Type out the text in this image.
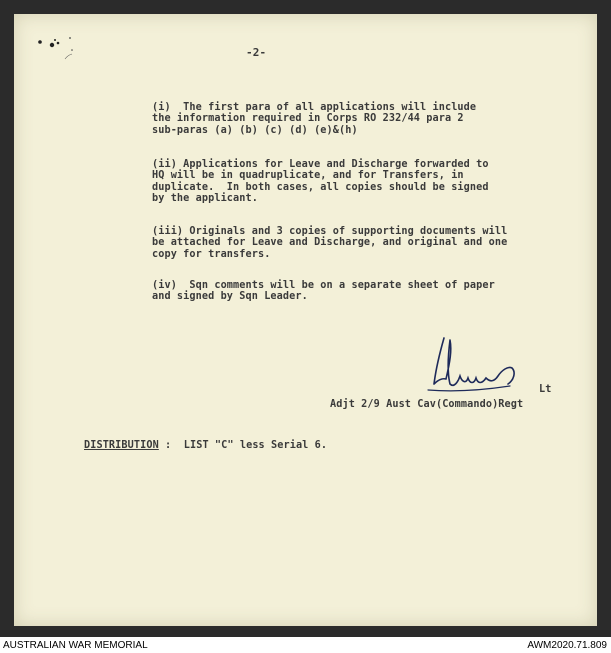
-2-
(i)  The first para of all applications will include
the information required in Corps RO 232/44 para 2
sub-paras (a) (b) (c) (d) (e)&(h)
(ii) Applications for Leave and Discharge forwarded to
HQ will be in quadruplicate, and for Transfers, in
duplicate.  In both cases, all copies should be signed
by the applicant.
(iii) Originals and 3 copies of supporting documents will
be attached for Leave and Discharge, and original and one
copy for transfers.
(iv)  Sqn comments will be on a separate sheet of paper
and signed by Sqn Leader.
Lt
Adjt 2/9 Aust Cav(Commando)Regt
DISTRIBUTION :  LIST "C" less Serial 6.
AUSTRALIAN WAR MEMORIAL	AWM2020.71.809
